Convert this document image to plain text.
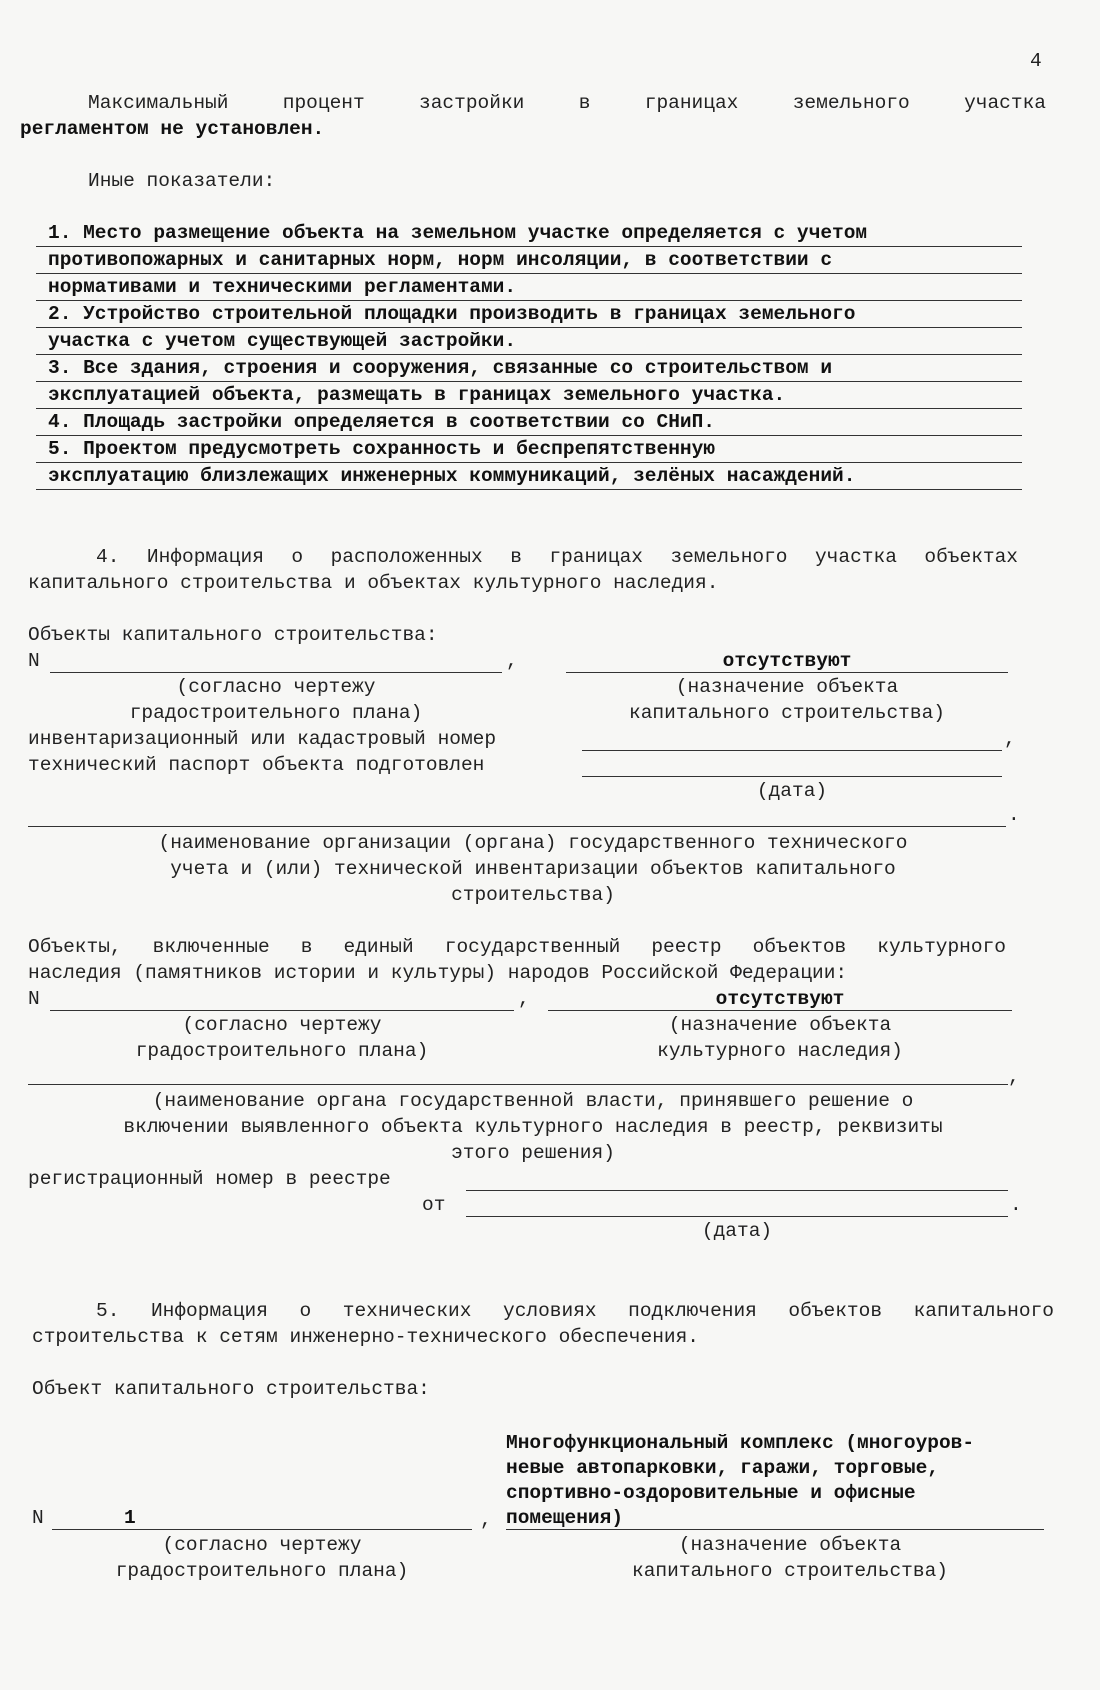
4
Максимальный процент застройки в границах земельного участка
регламентом не установлен.
Иные показатели:
1. Место размещение объекта на земельном участке определяется с учетом
противопожарных и санитарных норм, норм инсоляции, в соответствии с
нормативами и техническими регламентами.
2. Устройство строительной площадки производить в границах земельного
участка с учетом существующей застройки.
3. Все здания, строения и сооружения, связанные со строительством и
эксплуатацией объекта, размещать в границах земельного участка.
4. Площадь застройки определяется в соответствии со СНиП.
5. Проектом предусмотреть сохранность и беспрепятственную
эксплуатацию близлежащих инженерных коммуникаций, зелёных насаждений.
4. Информация о расположенных в границах земельного участка объектах
капитального строительства и объектах культурного наследия.
Объекты капитального строительства:
N	,	отсутствуют
(согласно чертежу
градостроительного плана)
(назначение объекта
капитального строительства)
инвентаризационный или кадастровый номер	,
технический паспорт объекта подготовлен
(дата)
.
(наименование организации (органа) государственного технического
учета и (или) технической инвентаризации объектов капитального
строительства)
Объекты, включенные в единый государственный реестр объектов культурного
наследия (памятников истории и культуры) народов Российской Федерации:
N	,	отсутствуют
(согласно чертежу
градостроительного плана)
(назначение объекта
культурного наследия)
,
(наименование органа государственной власти, принявшего решение о
включении выявленного объекта культурного наследия в реестр, реквизиты
этого решения)
регистрационный номер в реестре
от	.
(дата)
5. Информация о технических условиях подключения объектов капитального
строительства к сетям инженерно-технического обеспечения.
Объект капитального строительства:
Многофункциональный комплекс (многоуров-
невые автопарковки, гаражи, торговые,
спортивно-оздоровительные и офисные
помещения)
N	1	,
(согласно чертежу
градостроительного плана)
(назначение объекта
капитального строительства)
